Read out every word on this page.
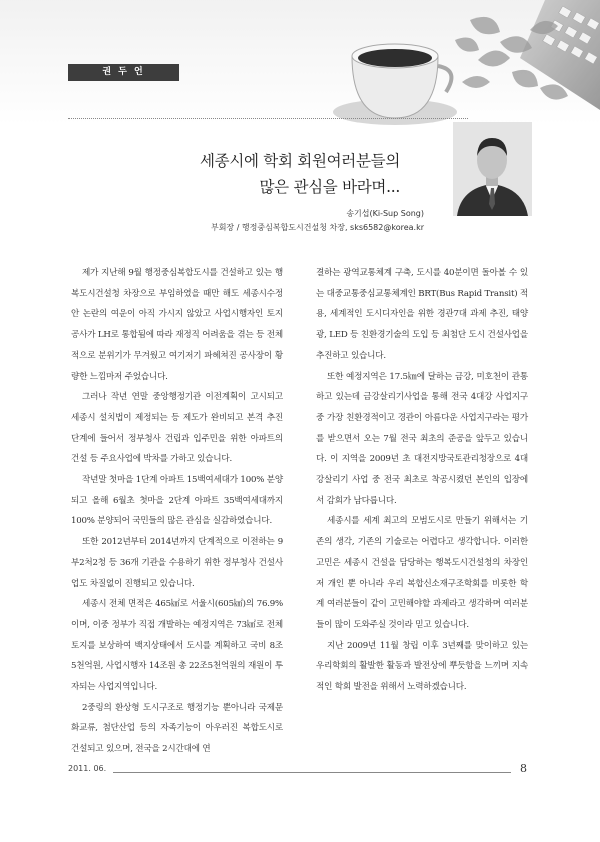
권 두 언
세종시에 학회 회원여러분들의
많은 관심을 바라며...
송기섭(Ki-Sup Song)
부회장 / 행정중심복합도시건설청 차장, sks6582@korea.kr

제가 지난해 9월 행정중심복합도시를 건설하고 있는 행복도시건설청 차장으로 부임하였을 때만 해도 세종시수정안 논란의 여운이 아직 가시지 않았고 사업시행자인 토지공사가 LH로 통합됨에 따라 재정직 어려움을 겪는 등 전체적으로 분위기가 무겨웠고 여기저기 파헤쳐진 공사장이 황량한 느낌마저 주었습니다.

그러나 작년 연말 중앙행정기관 이전계획이 고시되고 세종시 설치법이 제정되는 등 제도가 완비되고 본격 추진 단계에 들어서 정부청사 건립과 입주민을 위한 아파트의 건설 등 주요사업에 박차를 가하고 있습니다.

작년말 첫마을 1단계 아파트 15백여세대가 100% 분양되고 올해 6월초 첫마을 2단계 아파트 35백여세대까지 100% 분양되어 국민들의 많은 관심을 실감하였습니다.

또한 2012년부터 2014년까지 단계적으로 이전하는 9부2처2청 등 36개 기관을 수용하기 위한 정부청사 건설사업도 차질없이 진행되고 있습니다.

세종시 전체 면적은 465㎢로 서울시(605㎢)의 76.9%이며, 이중 정부가 직접 개발하는 예정지역은 73㎢로 전체 토지를 보상하여 백지상태에서 도시를 계획하고 국비 8조5천억원, 사업시행자 14조원 총 22조5천억원의 재원이 투자되는 사업지역입니다.

2중링의 환상형 도시구조로 행정기능 뿐아니라 국제문화교류, 첨단산업 등의 자족기능이 아우러진 복합도시로 건설되고 있으며, 전국을 2시간대에 연

결하는 광역교통체계 구축, 도시를 40분이면 돌아볼 수 있는 대중교통중심교통체계인 BRT(Bus Rapid Transit) 적용, 세계적인 도시디자인을 위한 경관7대 과제 추진, 태양광, LED 등 친환경기술의 도입 등 최첨단 도시 건설사업을 추진하고 있습니다.

또한 예정지역은 17.5㎞에 달하는 금강, 미호천이 관통하고 있는데 금강살리기사업을 통해 전국 4대강 사업지구 중 가장 친환경적이고 경관이 아름다운 사업지구라는 평가를 받으면서 오는 7월 전국 최초의 준공을 앞두고 있습니다. 이 지역을 2009년 초 대전지방국토관리청장으로 4대강살리기 사업 중 전국 최초로 착공시켰던 본인의 입장에서 감회가 남다릅니다.

세종시를 세계 최고의 모범도시로 만들기 위해서는 기존의 생각, 기존의 기술로는 어렵다고 생각합니다. 이러한 고민은 세종시 건설을 담당하는 행복도시건설청의 차장인 저 개인 뿐 아니라 우리 복합신소재구조학회를 비롯한 학계 여러분들이 같이 고민해야할 과제라고 생각하며 여러분들이 많이 도와주실 것이라 믿고 있습니다.

지난 2009년 11월 창립 이후 3년째를 맞이하고 있는 우리학회의 활발한 활동과 발전상에 뿌듯함을 느끼며 지속적인 학회 발전을 위해서 노력하겠습니다.

2011. 06.	8
